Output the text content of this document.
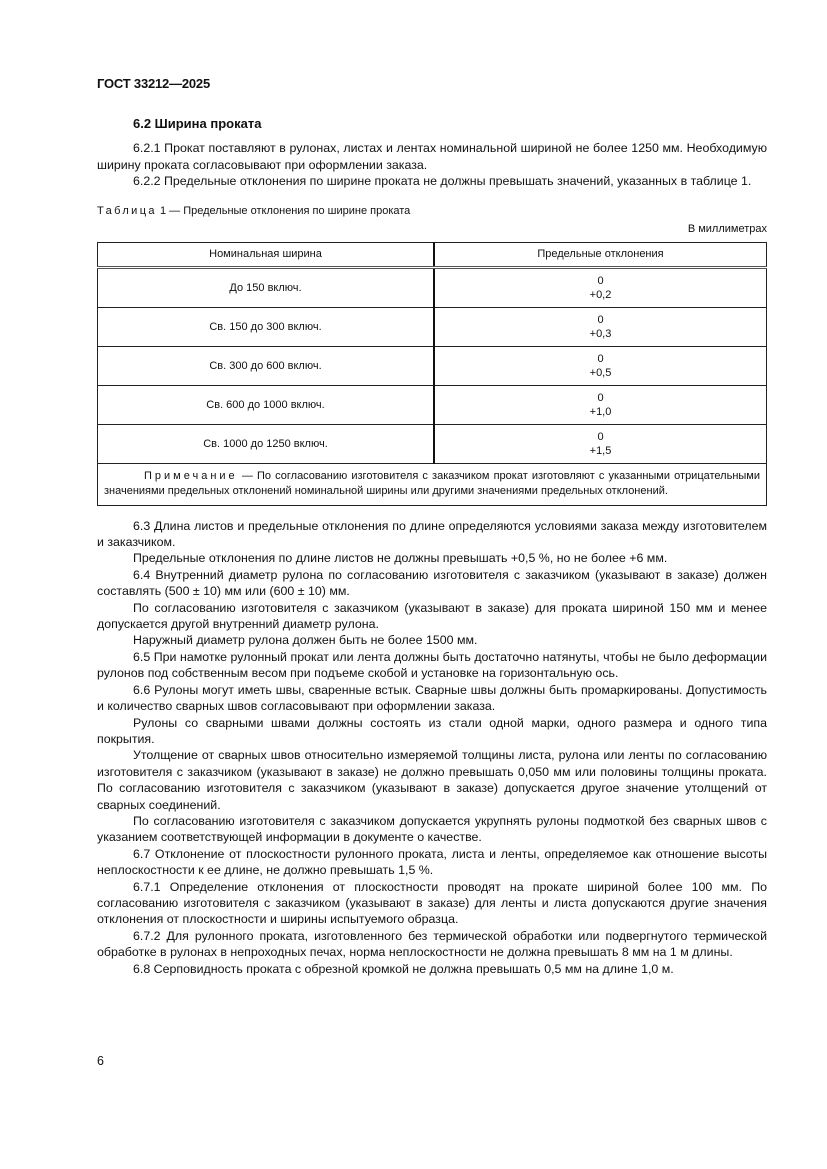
ГОСТ 33212—2025
6.2 Ширина проката

6.2.1 Прокат поставляют в рулонах, листах и лентах номинальной шириной не более 1250 мм. Необходимую ширину проката согласовывают при оформлении заказа.

6.2.2 Предельные отклонения по ширине проката не должны превышать значений, указанных в таблице 1.

Таблица 1 — Предельные отклонения по ширине проката
В миллиметрах
Номинальная ширина	Предельные отклонения
До 150 включ.	0
+0,2
Св. 150 до 300 включ.	0
+0,3
Св. 300 до 600 включ.	0
+0,5
Св. 600 до 1000 включ.	0
+1,0
Св. 1000 до 1250 включ.	0
+1,5
Примечание — По согласованию изготовителя с заказчиком прокат изготовляют с указанными отрицательными значениями предельных отклонений номинальной ширины или другими значениями предельных отклонений.	

6.3 Длина листов и предельные отклонения по длине определяются условиями заказа между изготовителем и заказчиком.

Предельные отклонения по длине листов не должны превышать +0,5 %, но не более +6 мм.

6.4 Внутренний диаметр рулона по согласованию изготовителя с заказчиком (указывают в заказе) должен составлять (500 ± 10) мм или (600 ± 10) мм.

По согласованию изготовителя с заказчиком (указывают в заказе) для проката шириной 150 мм и менее допускается другой внутренний диаметр рулона.

Наружный диаметр рулона должен быть не более 1500 мм.

6.5 При намотке рулонный прокат или лента должны быть достаточно натянуты, чтобы не было деформации рулонов под собственным весом при подъеме скобой и установке на горизонтальную ось.

6.6 Рулоны могут иметь швы, сваренные встык. Сварные швы должны быть промаркированы. Допустимость и количество сварных швов согласовывают при оформлении заказа.

Рулоны со сварными швами должны состоять из стали одной марки, одного размера и одного типа покрытия.

Утолщение от сварных швов относительно измеряемой толщины листа, рулона или ленты по согласованию изготовителя с заказчиком (указывают в заказе) не должно превышать 0,050 мм или половины толщины проката. По согласованию изготовителя с заказчиком (указывают в заказе) допускается другое значение утолщений от сварных соединений.

По согласованию изготовителя с заказчиком допускается укрупнять рулоны подмоткой без сварных швов с указанием соответствующей информации в документе о качестве.

6.7 Отклонение от плоскостности рулонного проката, листа и ленты, определяемое как отношение высоты неплоскостности к ее длине, не должно превышать 1,5 %.

6.7.1 Определение отклонения от плоскостности проводят на прокате шириной более 100 мм. По согласованию изготовителя с заказчиком (указывают в заказе) для ленты и листа допускаются другие значения отклонения от плоскостности и ширины испытуемого образца.

6.7.2 Для рулонного проката, изготовленного без термической обработки или подвергнутого термической обработке в рулонах в непроходных печах, норма неплоскостности не должна превышать 8 мм на 1 м длины.

6.8 Серповидность проката с обрезной кромкой не должна превышать 0,5 мм на длине 1,0 м.

6
